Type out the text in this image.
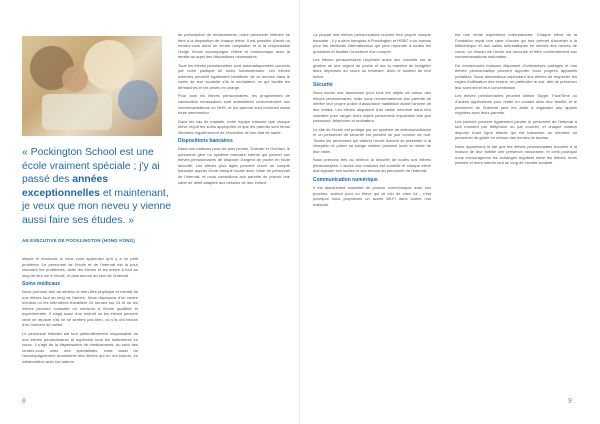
« Pockington School est une école vraiment spéciale ; j'y ai passé des années exceptionnelles et maintenant, je veux que mon neveu y vienne aussi faire ses études. »
AN EXÉCUTIVE DE POCKLINGTON (HONG KONG)

simple et émouvoir si vous vous appreniez qu'il y a un petit problème. Le personnel de l'école et de l'internat est là pour résoudre les problèmes, aider les élèves et les suivre à tout au long de leur vie à l'école, et plus encore au sein de l'internat.

Soins médicaux

Nous prenons très au sérieux le bien-être physique et mental de nos élèves tout au long de l'année. Nous disposons d'un centre médical où les infirmières travaillent 24 heures sur 24 et où les élèves peuvent consulter un médecin à l'école qualifiée et expérimentée. Il s'agit aussi d'un endroit où les élèves peuvent venir se reposer s'ils ne se sentent pas bien, ou s'ils ont besoin d'un moment de calme.

Le personnel infirmier est tout particulièrement responsable de nos élèves pensionnaires et supervise tous les traitements en cours. Il s'agit de la dispensation de médicaments, du suivi des rendez-vous chez des spécialistes, mais aussi de l'accompagnement émotionnel des élèves qui en ont besoin, en collaboration avec les tuteurs.

de prescription de médicaments, notre personnel infirmier se tient à la disposition de chaque élève. Il est possible d'avoir un rendez-vous dans un centre hospitalier et si la responsable l'exige l'école accompagne l'élève et communique avec la famille au sujet des dispositions nécessaires.

Tous les élèves pensionnaires sont automatiquement couverts par notre politique de soins fondamentaux. Les élèves externes peuvent également bénéficier de ce service dans le cadre de leur scolarité s'ils le souhaitent, ce qui facilite les démarches et les prises en charge.

Pour tous les élèves pensionnaires, les programmes de vaccination nécessaires sont administrés conformément aux recommandations du NHS, et les parents sont informés avant toute intervention.

Dans les cas de maladie, notre équipe s'assure que chaque élève reçoit les soins appropriés et que les parents sont tenus informés régulièrement de l'évolution de son état de santé.

Dispositions bancaires

Dans nos maisons pour les plus jeunes, Dolman et Orchard, le personnel gère un système bancaire interne qui permet aux élèves pensionnaires de disposer d'argent de poche en toute sécurité. Les élèves plus âgés peuvent ouvrir un compte bancaire auprès d'une banque locale avec l'aide du personnel de l'internat, et nous conseillons aux parents de prévoir une carte de débit adaptée aux besoins de leur enfant.

8

La plupart des élèves pensionnaires ouvrent leur propre compte bancaire ; il y a deux banques à Pocklington et HSBC a un bureau pour les étudiants internationaux qui peut répondre à toutes les questions et faciliter l'ouverture d'un compte.

Les élèves pensionnaires reçoivent aussi des conseils sur la gestion de leur argent de poche et sur la manière de budgéter leurs dépenses au cours du trimestre, avec le soutien de leur tuteur.

Sécurité

Nous avons une assurance pour tous les objets de valeur des élèves pensionnaires, mais nous recommandons aux parents de vérifier leur propre police d'assurance habitation avant l'arrivée de leur enfant. Les élèves disposent d'un casier sécurisé dans leur chambre pour ranger leurs objets personnels importants tels que passeport, téléphone et ordinateur.

Le site de l'école est protégé par un système de vidéosurveillance et un personnel de sécurité est présent de jour comme de nuit. Toutes les personnes qui visitent l'école doivent se présenter à la réception et porter un badge visiteur pendant toute la durée de leur visite.

Nous prenons très au sérieux la sécurité de toutes nos élèves pensionnaires. L'accès aux maisons est contrôlé et chaque élève doit signaler ses sorties et ses retours au personnel de l'internat.

Communication numérique

Il est absolument essentiel de pouvoir communiquer avec ses proches, surtout pour un élève qui vit loin de chez lui ; c'est pourquoi nous proposons un accès Wi-Fi dans toutes nos maisons.

est une réelle expérience internationale. Chaque élève de la Fondation reçoit une carte d'accès qui leur permet d'accéder à la bibliothèque et aux salles informatiques en dehors des heures de cours. Le réseau de l'école est sécurisé et filtré conformément aux recommandations nationales.

De nombreuses maisons disposent d'ordinateurs partagés et nos élèves pensionnaires peuvent apporter leurs propres appareils portables. Nous demandons cependant aux élèves de respecter les règles d'utilisation des écrans, en particulier le soir, afin de préserver leur sommeil et leur concentration.

Les élèves pensionnaires peuvent utiliser Skype, FaceTime ou d'autres applications pour rester en contact avec leur famille, et le personnel de l'internat peut les aider à organiser des appels réguliers avec leurs parents.

Les parents peuvent également joindre le personnel de l'internat à tout moment par téléphone ou par courriel, et chaque maison dispose d'une ligne directe qui est transmise au membre du personnel de garde en dehors des heures de bureau.

Nous apprécions le fait que les élèves pensionnaires trouvent à la maison de leur famille une présence rassurante, et c'est pourquoi nous encourageons les échanges réguliers entre les élèves, leurs parents et leurs tuteurs tout au long de l'année scolaire.

9
